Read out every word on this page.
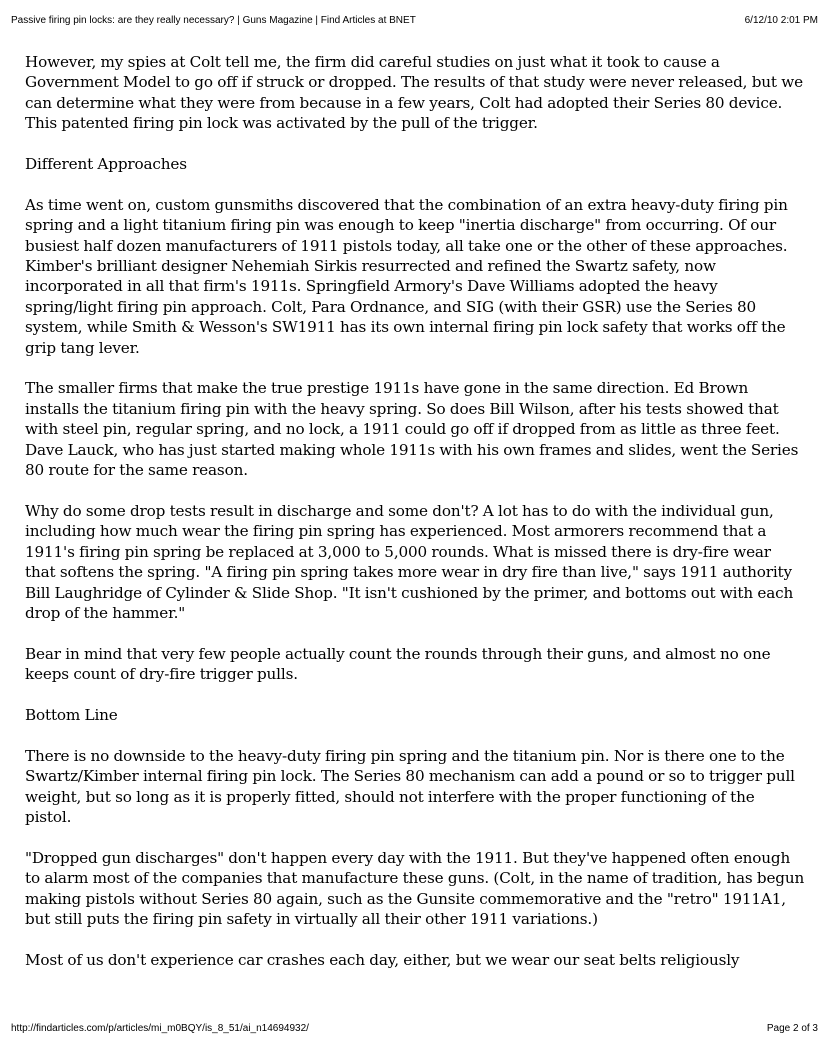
Passive firing pin locks: are they really necessary? | Guns Magazine | Find Articles at BNET	6/12/10 2:01 PM

However, my spies at Colt tell me, the firm did careful studies on just what it took to cause a Government Model to go off if struck or dropped. The results of that study were never released, but we can determine what they were from because in a few years, Colt had adopted their Series 80 device. This patented firing pin lock was activated by the pull of the trigger.

Different Approaches

As time went on, custom gunsmiths discovered that the combination of an extra heavy-duty firing pin spring and a light titanium firing pin was enough to keep "inertia discharge" from occurring. Of our busiest half dozen manufacturers of 1911 pistols today, all take one or the other of these approaches. Kimber's brilliant designer Nehemiah Sirkis resurrected and refined the Swartz safety, now incorporated in all that firm's 1911s. Springfield Armory's Dave Williams adopted the heavy spring/light firing pin approach. Colt, Para Ordnance, and SIG (with their GSR) use the Series 80 system, while Smith & Wesson's SW1911 has its own internal firing pin lock safety that works off the grip tang lever.

The smaller firms that make the true prestige 1911s have gone in the same direction. Ed Brown installs the titanium firing pin with the heavy spring. So does Bill Wilson, after his tests showed that with steel pin, regular spring, and no lock, a 1911 could go off if dropped from as little as three feet. Dave Lauck, who has just started making whole 1911s with his own frames and slides, went the Series 80 route for the same reason.

Why do some drop tests result in discharge and some don't? A lot has to do with the individual gun, including how much wear the firing pin spring has experienced. Most armorers recommend that a 1911's firing pin spring be replaced at 3,000 to 5,000 rounds. What is missed there is dry-fire wear that softens the spring. "A firing pin spring takes more wear in dry fire than live," says 1911 authority Bill Laughridge of Cylinder & Slide Shop. "It isn't cushioned by the primer, and bottoms out with each drop of the hammer."

Bear in mind that very few people actually count the rounds through their guns, and almost no one keeps count of dry-fire trigger pulls.

Bottom Line

There is no downside to the heavy-duty firing pin spring and the titanium pin. Nor is there one to the Swartz/Kimber internal firing pin lock. The Series 80 mechanism can add a pound or so to trigger pull weight, but so long as it is properly fitted, should not interfere with the proper functioning of the pistol.

"Dropped gun discharges" don't happen every day with the 1911. But they've happened often enough to alarm most of the companies that manufacture these guns. (Colt, in the name of tradition, has begun making pistols without Series 80 again, such as the Gunsite commemorative and the "retro" 1911A1, but still puts the firing pin safety in virtually all their other 1911 variations.)

Most of us don't experience car crashes each day, either, but we wear our seat belts religiously

http://findarticles.com/p/articles/mi_m0BQY/is_8_51/ai_n14694932/	Page 2 of 3
